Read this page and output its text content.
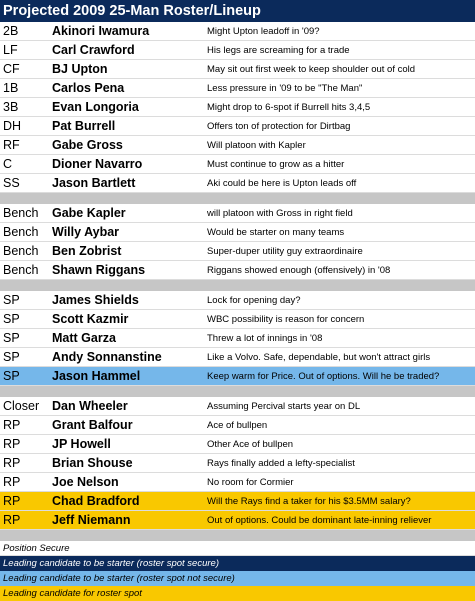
Projected 2009 25-Man Roster/Lineup
2B	Akinori Iwamura	Might Upton leadoff in '09?
LF	Carl Crawford	His legs are screaming for a trade
CF	BJ Upton	May sit out first week to keep shoulder out of cold
1B	Carlos Pena	Less pressure in '09 to be "The Man"
3B	Evan Longoria	Might drop to 6-spot if Burrell hits 3,4,5
DH	Pat Burrell	Offers ton of protection for Dirtbag
RF	Gabe Gross	Will platoon with Kapler
C	Dioner Navarro	Must continue to grow as a hitter
SS	Jason Bartlett	Aki could be here is Upton leads off
Bench	Gabe Kapler	will platoon with Gross in right field
Bench	Willy Aybar	Would be starter on many teams
Bench	Ben Zobrist	Super-duper utility guy extraordinaire
Bench	Shawn Riggans	Riggans showed enough (offensively) in '08
SP	James Shields	Lock for opening day?
SP	Scott Kazmir	WBC possibility is reason for concern
SP	Matt Garza	Threw a lot of innings in '08
SP	Andy Sonnanstine	Like a Volvo. Safe, dependable, but won't attract girls
SP	Jason Hammel	Keep warm for Price. Out of options. Will he be traded?
Closer	Dan Wheeler	Assuming Percival starts year on DL
RP	Grant Balfour	Ace of bullpen
RP	JP Howell	Other Ace of bullpen
RP	Brian Shouse	Rays finally added a lefty-specialist
RP	Joe Nelson	No room for Cormier
RP	Chad Bradford	Will the Rays find a taker for his $3.5MM salary?
RP	Jeff Niemann	Out of options. Could be dominant late-inning reliever
Position Secure
Leading candidate to be starter (roster spot secure)
Leading candidate to be starter (roster spot not secure)
Leading candidate for roster spot
